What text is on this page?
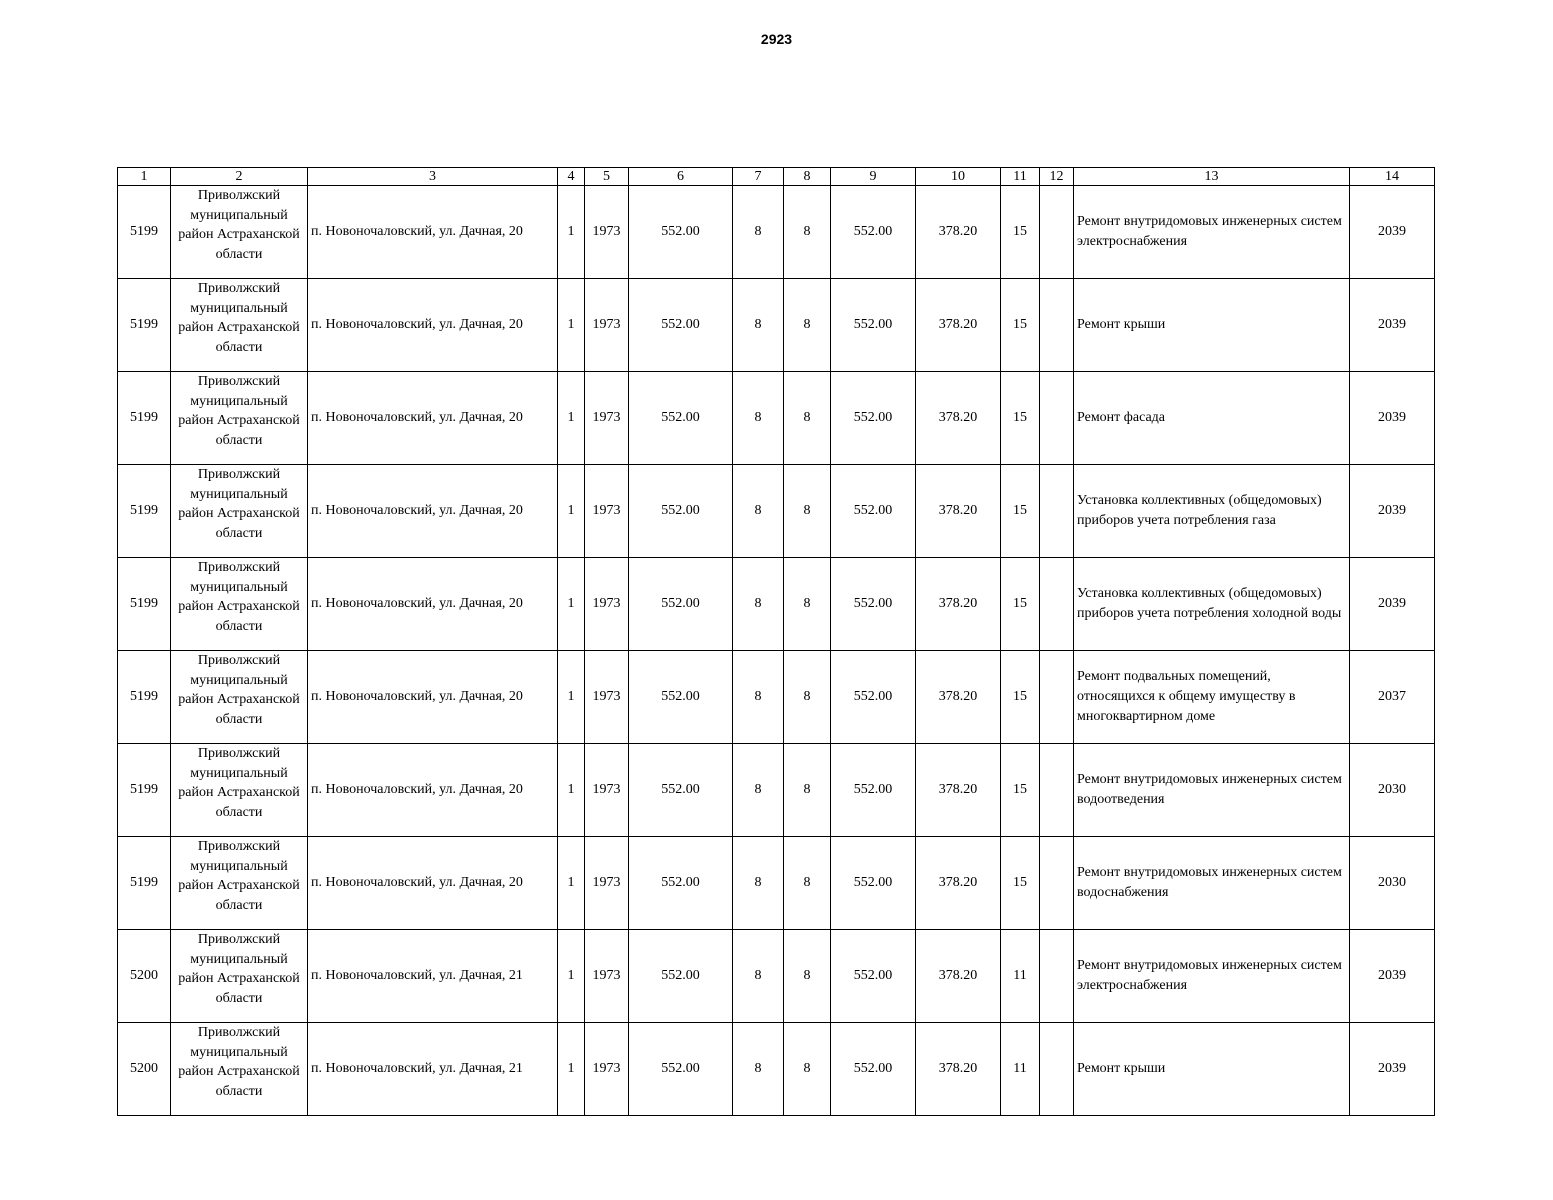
2923
1	2	3	4	5	6	7	8	9	10	11	12	13	14
5199	Приволжский муниципальный район Астраханской области	п. Новоночаловский, ул. Дачная, 20	1	1973	552.00	8	8	552.00	378.20	15		Ремонт внутридомовых инженерных систем электроснабжения	2039
5199	Приволжский муниципальный район Астраханской области	п. Новоночаловский, ул. Дачная, 20	1	1973	552.00	8	8	552.00	378.20	15		Ремонт крыши	2039
5199	Приволжский муниципальный район Астраханской области	п. Новоночаловский, ул. Дачная, 20	1	1973	552.00	8	8	552.00	378.20	15		Ремонт фасада	2039
5199	Приволжский муниципальный район Астраханской области	п. Новоночаловский, ул. Дачная, 20	1	1973	552.00	8	8	552.00	378.20	15		Установка коллективных (общедомовых) приборов учета потребления газа	2039
5199	Приволжский муниципальный район Астраханской области	п. Новоночаловский, ул. Дачная, 20	1	1973	552.00	8	8	552.00	378.20	15		Установка коллективных (общедомовых) приборов учета потребления холодной воды	2039
5199	Приволжский муниципальный район Астраханской области	п. Новоночаловский, ул. Дачная, 20	1	1973	552.00	8	8	552.00	378.20	15		Ремонт подвальных помещений, относящихся к общему имуществу в многоквартирном доме	2037
5199	Приволжский муниципальный район Астраханской области	п. Новоночаловский, ул. Дачная, 20	1	1973	552.00	8	8	552.00	378.20	15		Ремонт внутридомовых инженерных систем водоотведения	2030
5199	Приволжский муниципальный район Астраханской области	п. Новоночаловский, ул. Дачная, 20	1	1973	552.00	8	8	552.00	378.20	15		Ремонт внутридомовых инженерных систем водоснабжения	2030
5200	Приволжский муниципальный район Астраханской области	п. Новоночаловский, ул. Дачная, 21	1	1973	552.00	8	8	552.00	378.20	11		Ремонт внутридомовых инженерных систем электроснабжения	2039
5200	Приволжский муниципальный район Астраханской области	п. Новоночаловский, ул. Дачная, 21	1	1973	552.00	8	8	552.00	378.20	11		Ремонт крыши	2039
